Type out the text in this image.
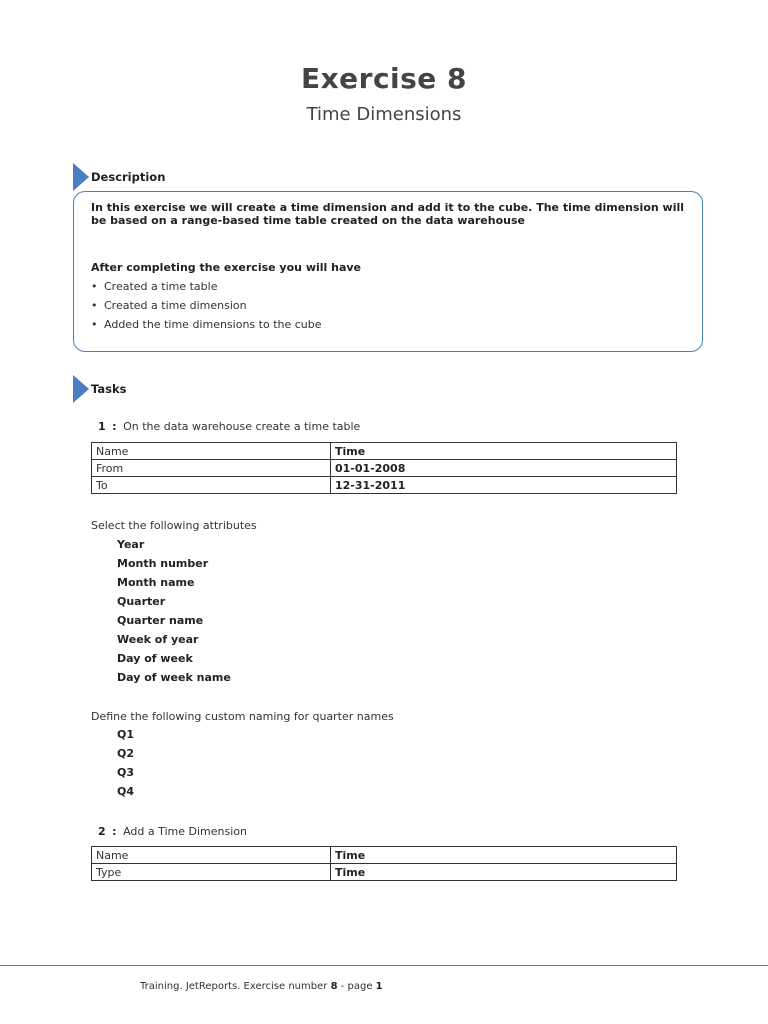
Exercise 8
Time Dimensions
Description
In this exercise we will create a time dimension and add it to the cube. The time dimension will be based on a range-based time table created on the data warehouse
After completing the exercise you will have
• Created a time table
• Created a time dimension
• Added the time dimensions to the cube
Tasks
1 : On the data warehouse create a time table
Name	Time
From	01-01-2008
To	12-31-2011
Select the following attributes
Year
Month number
Month name
Quarter
Quarter name
Week of year
Day of week
Day of week name
Define the following custom naming for quarter names
Q1
Q2
Q3
Q4
2 : Add a Time Dimension
Name	Time
Type	Time
Training. JetReports. Exercise number 8 - page 1
